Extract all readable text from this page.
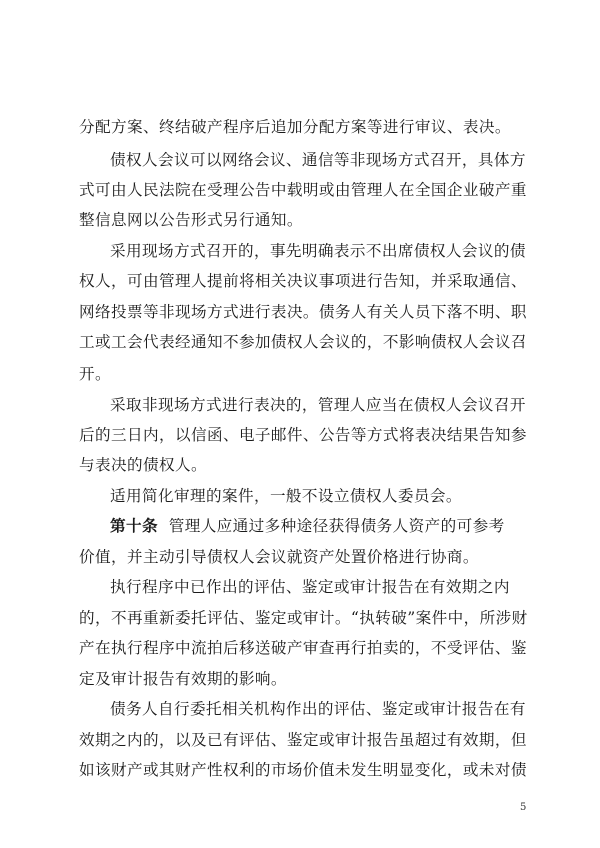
分配方案、终结破产程序后追加分配方案等进行审议、表决。
债权人会议可以网络会议、通信等非现场方式召开，具体方
式可由人民法院在受理公告中载明或由管理人在全国企业破产重
整信息网以公告形式另行通知。
采用现场方式召开的，事先明确表示不出席债权人会议的债
权人，可由管理人提前将相关决议事项进行告知，并采取通信、
网络投票等非现场方式进行表决。债务人有关人员下落不明、职
工或工会代表经通知不参加债权人会议的，不影响债权人会议召
开。
采取非现场方式进行表决的，管理人应当在债权人会议召开
后的三日内，以信函、电子邮件、公告等方式将表决结果告知参
与表决的债权人。
适用简化审理的案件，一般不设立债权人委员会。
第十条 管理人应通过多种途径获得债务人资产的可参考
价值，并主动引导债权人会议就资产处置价格进行协商。
执行程序中已作出的评估、鉴定或审计报告在有效期之内
的，不再重新委托评估、鉴定或审计。“执转破”案件中，所涉财
产在执行程序中流拍后移送破产审查再行拍卖的，不受评估、鉴
定及审计报告有效期的影响。
债务人自行委托相关机构作出的评估、鉴定或审计报告在有
效期之内的，以及已有评估、鉴定或审计报告虽超过有效期，但
如该财产或其财产性权利的市场价值未发生明显变化，或未对债
5
